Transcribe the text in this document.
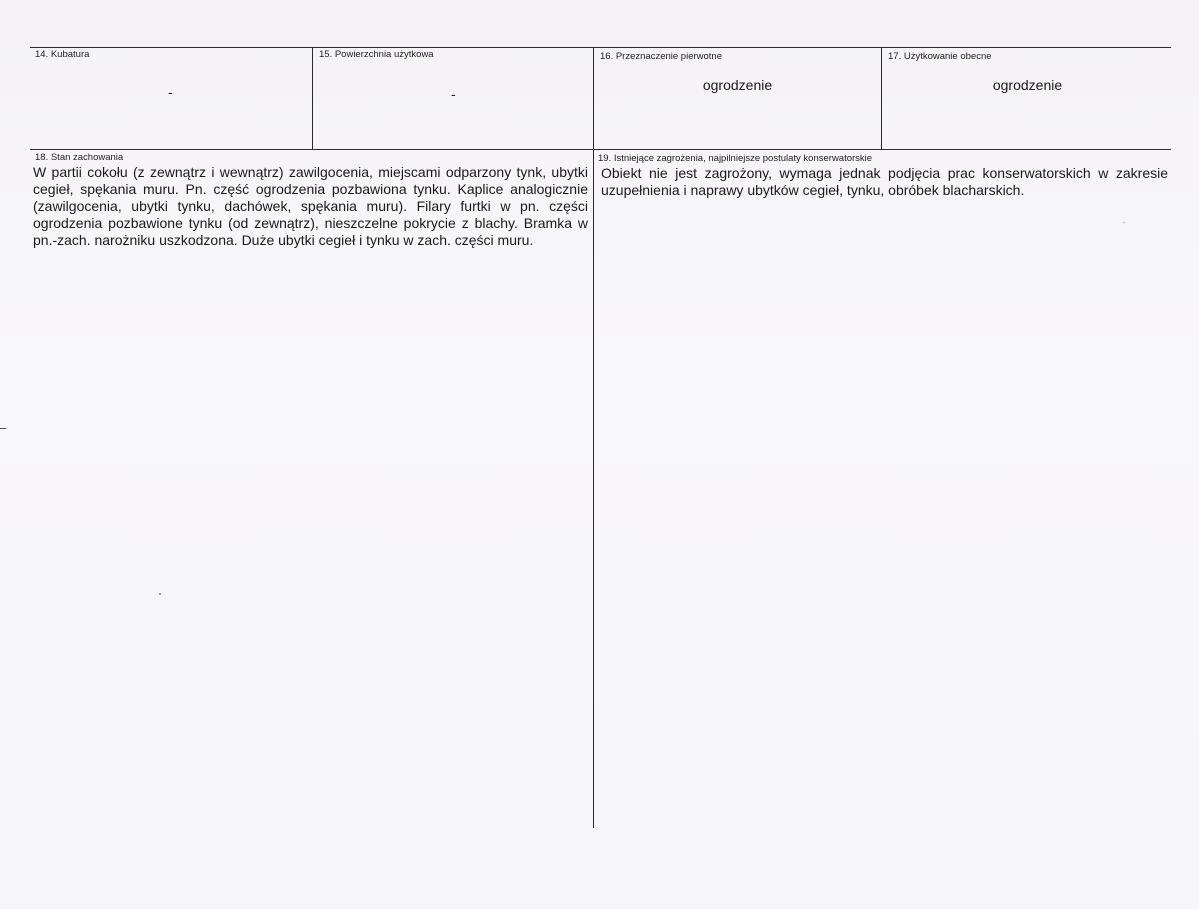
14. Kubatura
-
15. Powierzchnia użytkowa
-
16. Przeznaczenie pierwotne
ogrodzenie
17. Użytkowanie obecne
ogrodzenie
18. Stan zachowania
W partii cokołu (z zewnątrz i wewnątrz) zawilgocenia, miejscami odparzony tynk, ubytki cegieł, spękania muru. Pn. część ogrodzenia pozbawiona tynku. Kaplice analogicznie (zawilgocenia, ubytki tynku, dachówek, spękania muru). Filary furtki w pn. części ogrodzenia pozbawione tynku (od zewnątrz), nieszczelne pokrycie z blachy. Bramka w pn.-zach. narożniku uszkodzona. Duże ubytki cegieł i tynku w zach. części muru.
19. Istniejące zagrożenia, najpilniejsze postulaty konserwatorskie
Obiekt nie jest zagrożony, wymaga jednak podjęcia prac konserwatorskich w zakresie uzupełnienia i naprawy ubytków cegieł, tynku, obróbek blacharskich.
